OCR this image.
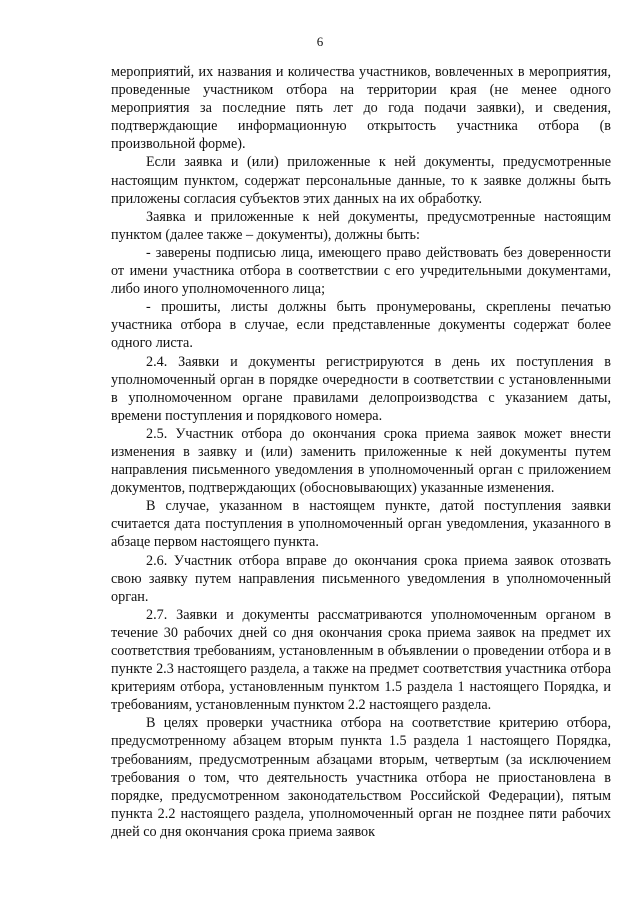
6

мероприятий, их названия и количества участников, вовлеченных в мероприятия, проведенные участником отбора на территории края (не менее одного мероприятия за последние пять лет до года подачи заявки), и сведения, подтверждающие информационную открытость участника отбора (в произвольной форме).

Если заявка и (или) приложенные к ней документы, предусмотренные настоящим пунктом, содержат персональные данные, то к заявке должны быть приложены согласия субъектов этих данных на их обработку.

Заявка и приложенные к ней документы, предусмотренные настоящим пунктом (далее также – документы), должны быть:

- заверены подписью лица, имеющего право действовать без доверенности от имени участника отбора в соответствии с его учредительными документами, либо иного уполномоченного лица;

- прошиты, листы должны быть пронумерованы, скреплены печатью участника отбора в случае, если представленные документы содержат более одного листа.

2.4. Заявки и документы регистрируются в день их поступления в уполномоченный орган в порядке очередности в соответствии с установленными в уполномоченном органе правилами делопроизводства с указанием даты, времени поступления и порядкового номера.

2.5. Участник отбора до окончания срока приема заявок может внести изменения в заявку и (или) заменить приложенные к ней документы путем направления письменного уведомления в уполномоченный орган с приложением документов, подтверждающих (обосновывающих) указанные изменения.

В случае, указанном в настоящем пункте, датой поступления заявки считается дата поступления в уполномоченный орган уведомления, указанного в абзаце первом настоящего пункта.

2.6. Участник отбора вправе до окончания срока приема заявок отозвать свою заявку путем направления письменного уведомления в уполномоченный орган.

2.7. Заявки и документы рассматриваются уполномоченным органом в течение 30 рабочих дней со дня окончания срока приема заявок на предмет их соответствия требованиям, установленным в объявлении о проведении отбора и в пункте 2.3 настоящего раздела, а также на предмет соответствия участника отбора критериям отбора, установленным пунктом 1.5 раздела 1 настоящего Порядка, и требованиям, установленным пунктом 2.2 настоящего раздела.

В целях проверки участника отбора на соответствие критерию отбора, предусмотренному абзацем вторым пункта 1.5 раздела 1 настоящего Порядка, требованиям, предусмотренным абзацами вторым, четвертым (за исключением требования о том, что деятельность участника отбора не приостановлена в порядке, предусмотренном законодательством Российской Федерации), пятым пункта 2.2 настоящего раздела, уполномоченный орган не позднее пяти рабочих дней со дня окончания срока приема заявок
